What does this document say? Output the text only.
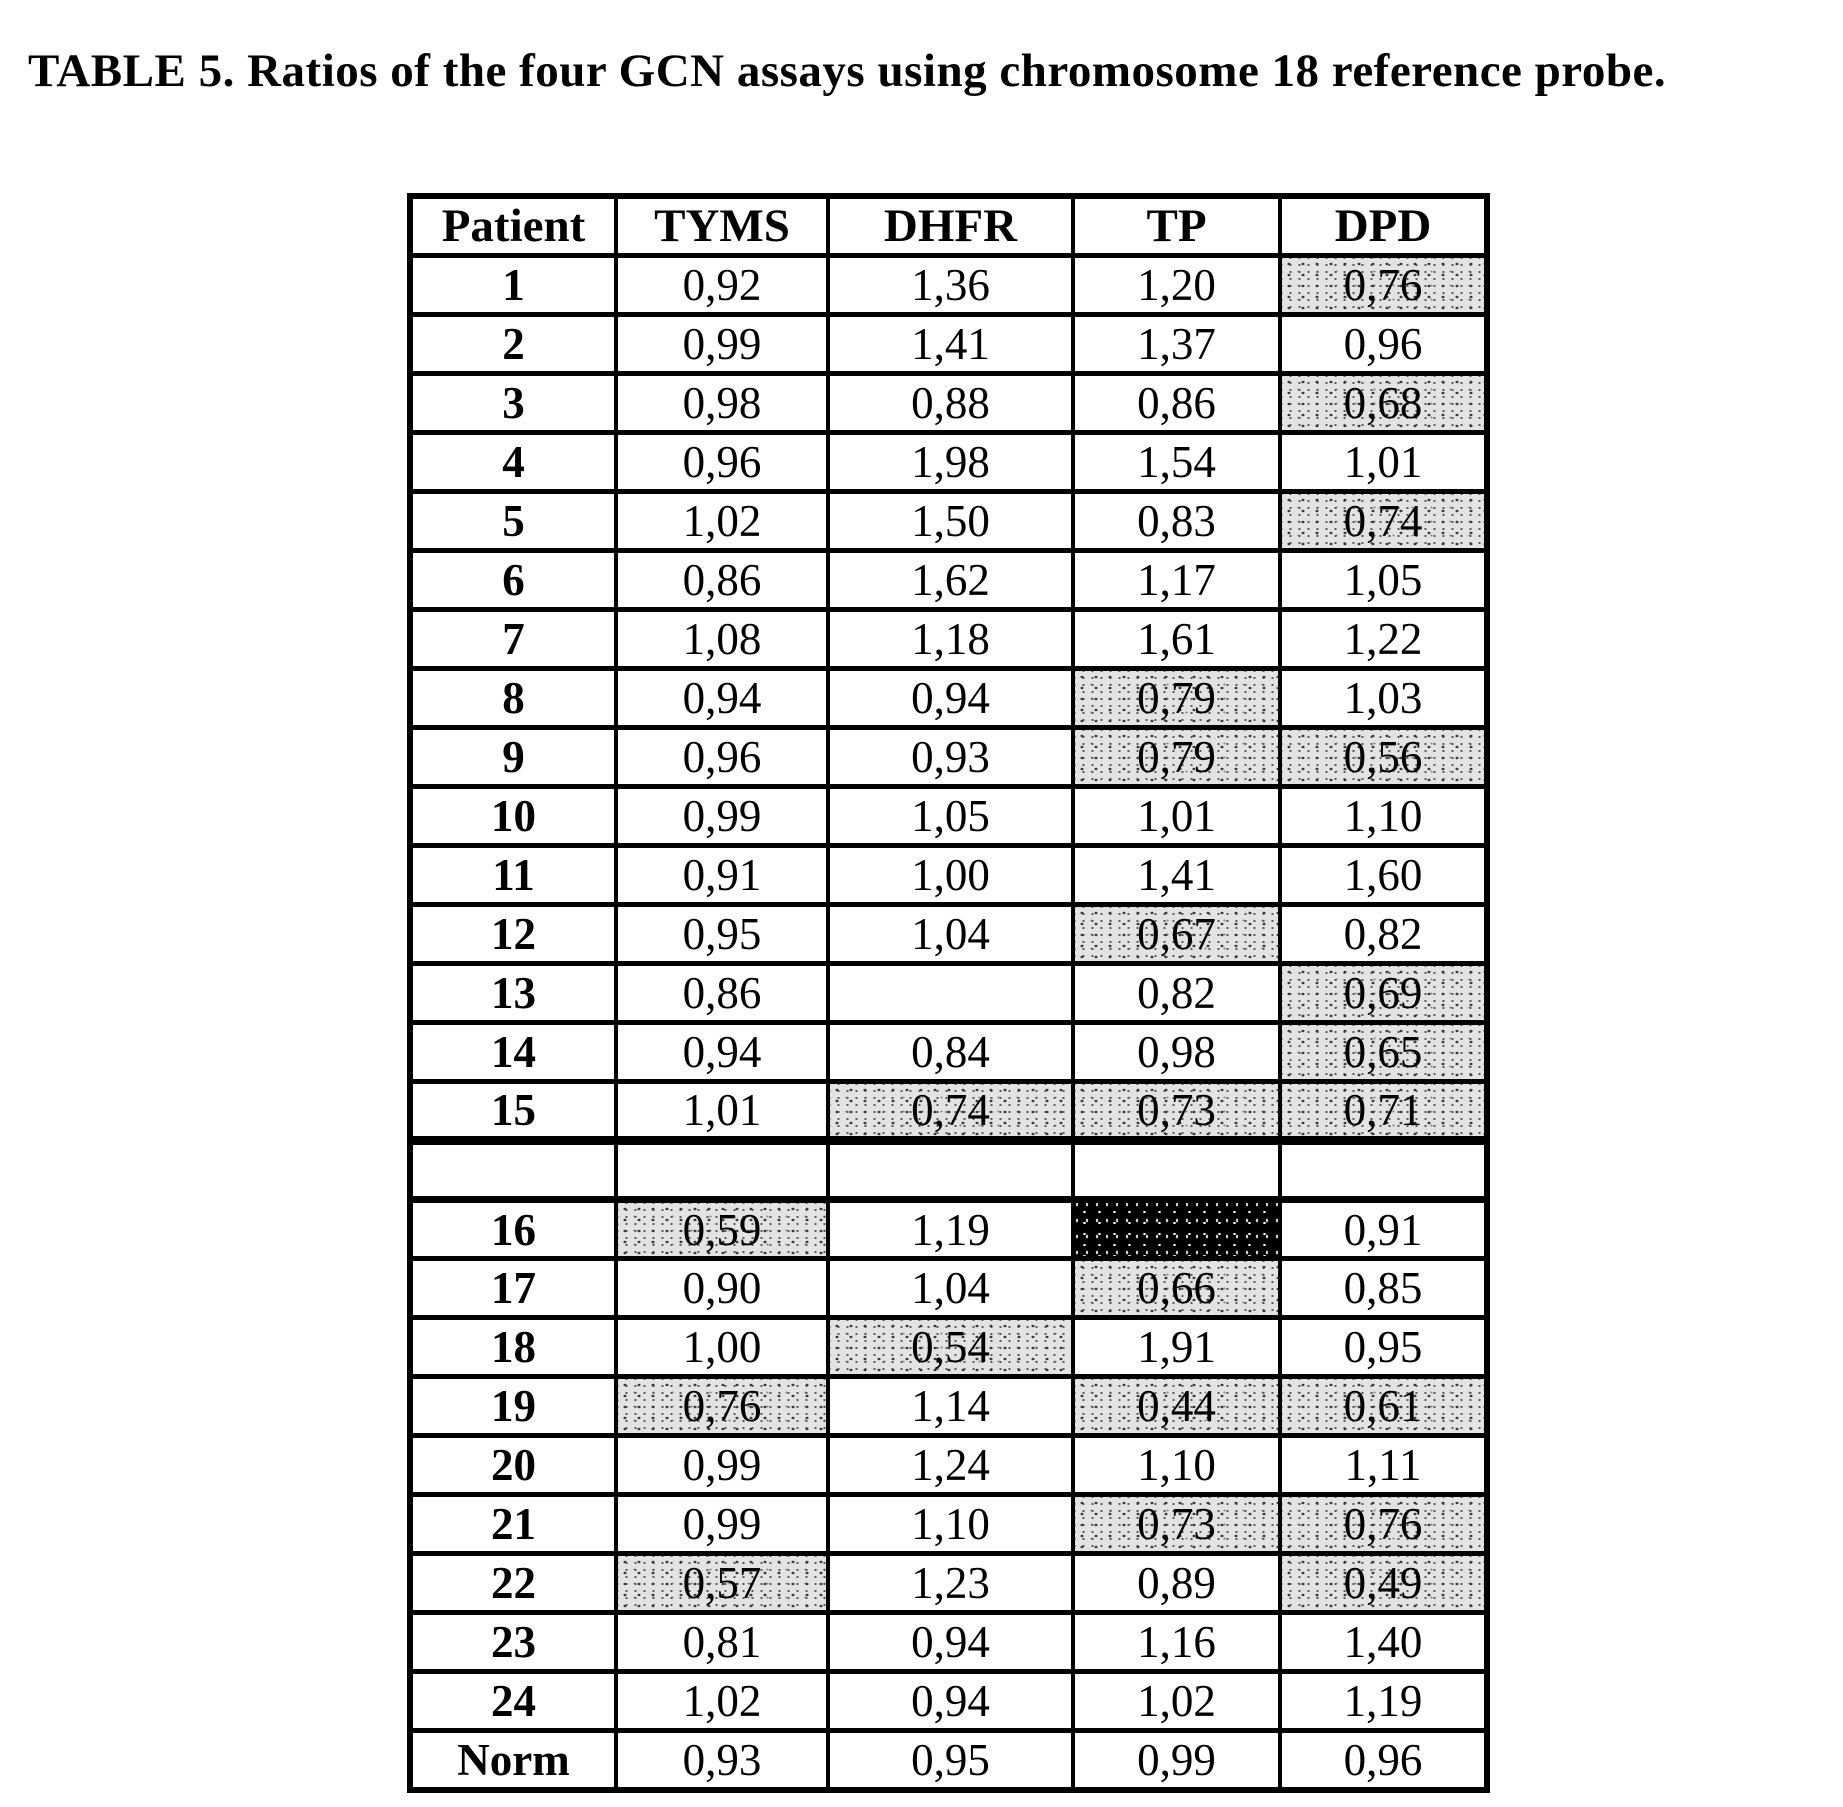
TABLE 5. Ratios of the four GCN assays using chromosome 18 reference probe.
Patient	TYMS	DHFR	TP	DPD
1	0,92	1,36	1,20	0,76
2	0,99	1,41	1,37	0,96
3	0,98	0,88	0,86	0,68
4	0,96	1,98	1,54	1,01
5	1,02	1,50	0,83	0,74
6	0,86	1,62	1,17	1,05
7	1,08	1,18	1,61	1,22
8	0,94	0,94	0,79	1,03
9	0,96	0,93	0,79	0,56
10	0,99	1,05	1,01	1,10
11	0,91	1,00	1,41	1,60
12	0,95	1,04	0,67	0,82
13	0,86		0,82	0,69
14	0,94	0,84	0,98	0,65
15	1,01	0,74	0,73	0,71

16	0,59	1,19		0,91
17	0,90	1,04	0,66	0,85
18	1,00	0,54	1,91	0,95
19	0,76	1,14	0,44	0,61
20	0,99	1,24	1,10	1,11
21	0,99	1,10	0,73	0,76
22	0,57	1,23	0,89	0,49
23	0,81	0,94	1,16	1,40
24	1,02	0,94	1,02	1,19
Norm	0,93	0,95	0,99	0,96
